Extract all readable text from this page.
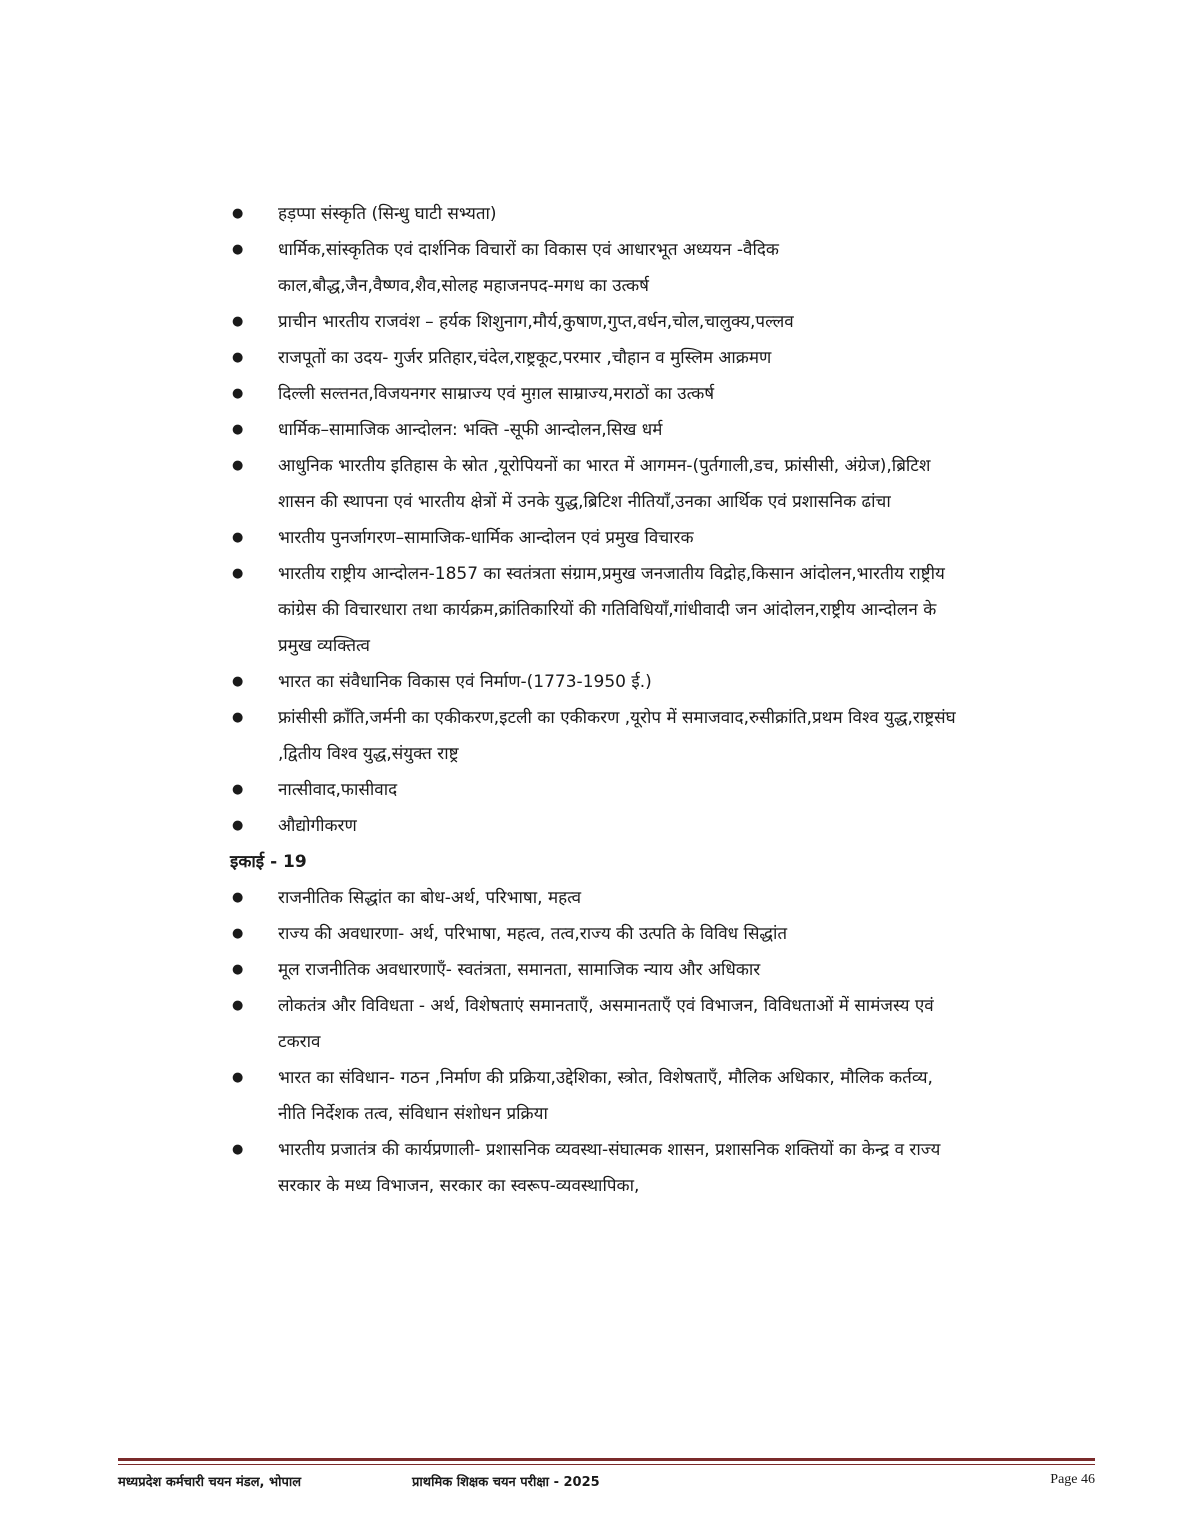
● हड़प्पा संस्कृति (सिन्धु घाटी सभ्यता)
● धार्मिक,सांस्कृतिक एवं दार्शनिक विचारों का विकास एवं आधारभूत अध्ययन -वैदिक काल,बौद्ध,जैन,वैष्णव,शैव,सोलह महाजनपद-मगध का उत्कर्ष
● प्राचीन भारतीय राजवंश – हर्यक शिशुनाग,मौर्य,कुषाण,गुप्त,वर्धन,चोल,चालुक्य,पल्लव
● राजपूतों का उदय- गुर्जर प्रतिहार,चंदेल,राष्ट्रकूट,परमार ,चौहान व मुस्लिम आक्रमण
● दिल्ली सल्तनत,विजयनगर साम्राज्य एवं मुग़ल साम्राज्य,मराठों का उत्कर्ष
● धार्मिक–सामाजिक आन्दोलन: भक्ति -सूफी आन्दोलन,सिख धर्म
● आधुनिक भारतीय इतिहास के स्रोत ,यूरोपियनों का भारत में आगमन-(पुर्तगाली,डच, फ्रांसीसी, अंग्रेज),ब्रिटिश शासन की स्थापना एवं भारतीय क्षेत्रों में उनके युद्ध,ब्रिटिश नीतियाँ,उनका आर्थिक एवं प्रशासनिक ढांचा
● भारतीय पुनर्जागरण–सामाजिक-धार्मिक आन्दोलन एवं प्रमुख विचारक
● भारतीय राष्ट्रीय आन्दोलन-1857 का स्वतंत्रता संग्राम,प्रमुख जनजातीय विद्रोह,किसान आंदोलन,भारतीय राष्ट्रीय कांग्रेस की विचारधारा तथा कार्यक्रम,क्रांतिकारियों की गतिविधियाँ,गांधीवादी जन आंदोलन,राष्ट्रीय आन्दोलन के प्रमुख व्यक्तित्व
● भारत का संवैधानिक विकास एवं निर्माण-(1773-1950 ई.)
● फ्रांसीसी क्राँति,जर्मनी का एकीकरण,इटली का एकीकरण ,यूरोप में समाजवाद,रुसीक्रांति,प्रथम विश्व युद्ध,राष्ट्रसंघ ,द्वितीय विश्व युद्ध,संयुक्त राष्ट्र
● नात्सीवाद,फासीवाद
● औद्योगीकरण

इकाई - 19

● राजनीतिक सिद्धांत का बोध-अर्थ, परिभाषा, महत्व
● राज्य की अवधारणा- अर्थ, परिभाषा, महत्व, तत्व,राज्य की उत्पति के विविध सिद्धांत
● मूल राजनीतिक अवधारणाएँ- स्वतंत्रता, समानता, सामाजिक न्याय और अधिकार
● लोकतंत्र और विविधता - अर्थ, विशेषताएं समानताएँ, असमानताएँ एवं विभाजन, विविधताओं में सामंजस्य एवं टकराव
● भारत का संविधान- गठन ,निर्माण की प्रक्रिया,उद्देशिका, स्त्रोत, विशेषताएँ, मौलिक अधिकार, मौलिक कर्तव्य, नीति निर्देशक तत्व, संविधान संशोधन प्रक्रिया
● भारतीय प्रजातंत्र की कार्यप्रणाली- प्रशासनिक व्यवस्था-संघात्मक शासन, प्रशासनिक शक्तियों का केन्द्र व राज्य सरकार के मध्य विभाजन, सरकार का स्वरूप-व्यवस्थापिका,
मध्यप्रदेश कर्मचारी चयन मंडल, भोपाल	प्राथमिक शिक्षक चयन परीक्षा - 2025	Page 46
